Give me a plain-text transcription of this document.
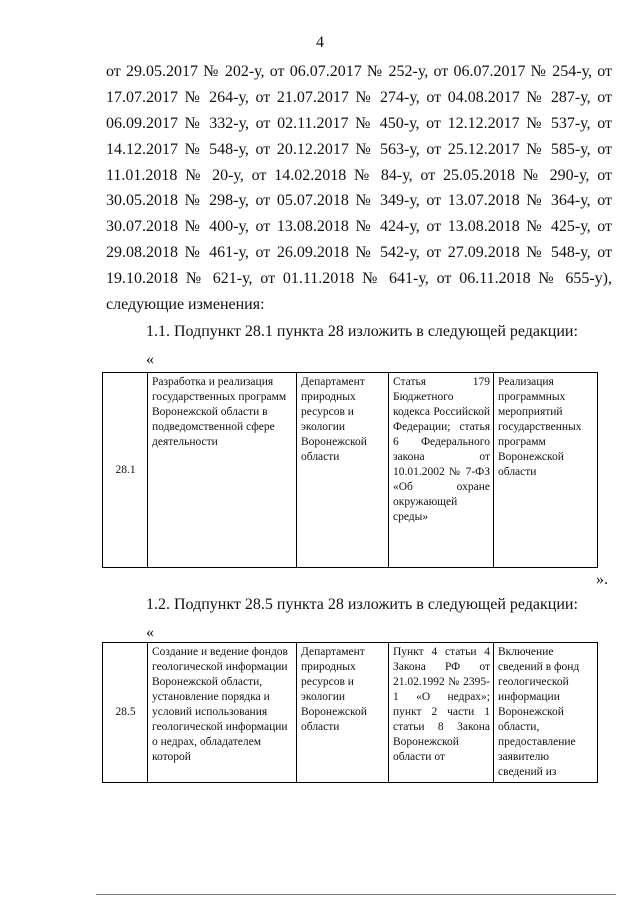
4
от 29.05.2017 № 202-у, от 06.07.2017 № 252-у, от 06.07.2017 № 254-у, от
17.07.2017 № 264-у, от 21.07.2017 № 274-у, от 04.08.2017 № 287-у, от
06.09.2017 № 332-у, от 02.11.2017 № 450-у, от 12.12.2017 № 537-у, от
14.12.2017 № 548-у, от 20.12.2017 № 563-у, от 25.12.2017 № 585-у, от
11.01.2018 № 20-у, от 14.02.2018 № 84-у, от 25.05.2018 № 290-у, от
30.05.2018 № 298-у, от 05.07.2018 № 349-у, от 13.07.2018 № 364-у, от
30.07.2018 № 400-у, от 13.08.2018 № 424-у, от 13.08.2018 № 425-у, от
29.08.2018 № 461-у, от 26.09.2018 № 542-у, от 27.09.2018 № 548-у, от
19.10.2018 № 621-у, от 01.11.2018 № 641-у, от 06.11.2018 № 655-у),
следующие изменения:
1.1. Подпункт 28.1 пункта 28 изложить в следующей редакции:
«
28.1	Разработка и реализация государственных программ Воронежской области в подведомственной сфере деятельности	Департамент природных ресурсов и экологии Воронежской области	Статья 179 Бюджетного кодекса Российской Федерации; статья 6 Федерального закона от 10.01.2002 № 7-ФЗ «Об охране окружающей среды»	Реализация программных мероприятий государственных программ Воронежской области
».
1.2. Подпункт 28.5 пункта 28 изложить в следующей редакции:
«
28.5	Создание и ведение фондов геологической информации Воронежской области, установление порядка и условий использования геологической информации о недрах, обладателем которой	Департамент природных ресурсов и экологии Воронежской области	Пункт 4 статьи 4 Закона РФ от 21.02.1992 № 2395-1 «О недрах»; пункт 2 части 1 статьи 8 Закона Воронежской области от	Включение сведений в фонд геологической информации Воронежской области, предоставление заявителю сведений из
